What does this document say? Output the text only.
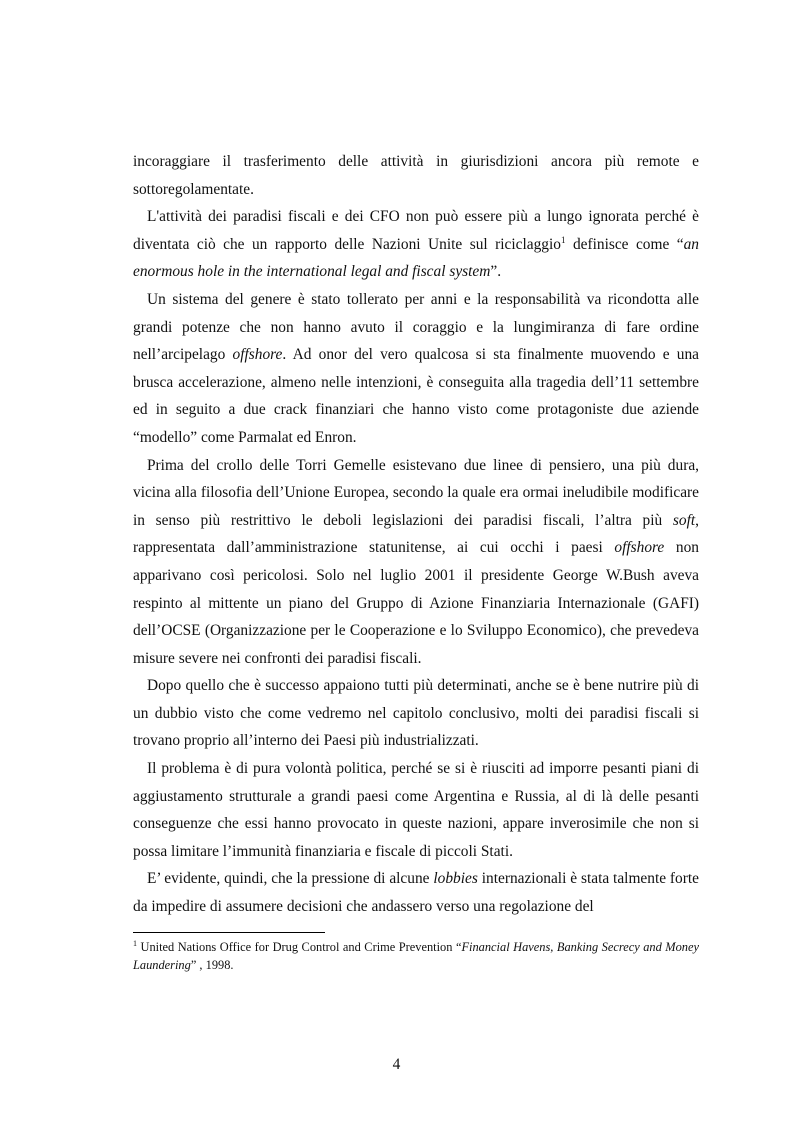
incoraggiare il trasferimento delle attività in giurisdizioni ancora più remote e sottoregolamentate.

L'attività dei paradisi fiscali e dei CFO non può essere più a lungo ignorata perché è diventata ciò che un rapporto delle Nazioni Unite sul riciclaggio$^1$ definisce come “an enormous hole in the international legal and fiscal system”.

Un sistema del genere è stato tollerato per anni e la responsabilità va ricondotta alle grandi potenze che non hanno avuto il coraggio e la lungimiranza di fare ordine nell’arcipelago offshore. Ad onor del vero qualcosa si sta finalmente muovendo e una brusca accelerazione, almeno nelle intenzioni, è conseguita alla tragedia dell’11 settembre ed in seguito a due crack finanziari che hanno visto come protagoniste due aziende “modello” come Parmalat ed Enron.

Prima del crollo delle Torri Gemelle esistevano due linee di pensiero, una più dura, vicina alla filosofia dell’Unione Europea, secondo la quale era ormai ineludibile modificare in senso più restrittivo le deboli legislazioni dei paradisi fiscali, l’altra più soft, rappresentata dall’amministrazione statunitense, ai cui occhi i paesi offshore non apparivano così pericolosi. Solo nel luglio 2001 il presidente George W.Bush aveva respinto al mittente un piano del Gruppo di Azione Finanziaria Internazionale (GAFI) dell’OCSE (Organizzazione per le Cooperazione e lo Sviluppo Economico), che prevedeva misure severe nei confronti dei paradisi fiscali.

Dopo quello che è successo appaiono tutti più determinati, anche se è bene nutrire più di un dubbio visto che come vedremo nel capitolo conclusivo, molti dei paradisi fiscali si trovano proprio all’interno dei Paesi più industrializzati.

Il problema è di pura volontà politica, perché se si è riusciti ad imporre pesanti piani di aggiustamento strutturale a grandi paesi come Argentina e Russia, al di là delle pesanti conseguenze che essi hanno provocato in queste nazioni, appare inverosimile che non si possa limitare l’immunità finanziaria e fiscale di piccoli Stati.

E’ evidente, quindi, che la pressione di alcune lobbies internazionali è stata talmente forte da impedire di assumere decisioni che andassero verso una regolazione del

$^1$ United Nations Office for Drug Control and Crime Prevention “Financial Havens, Banking Secrecy and Money Laundering” , 1998.
4
